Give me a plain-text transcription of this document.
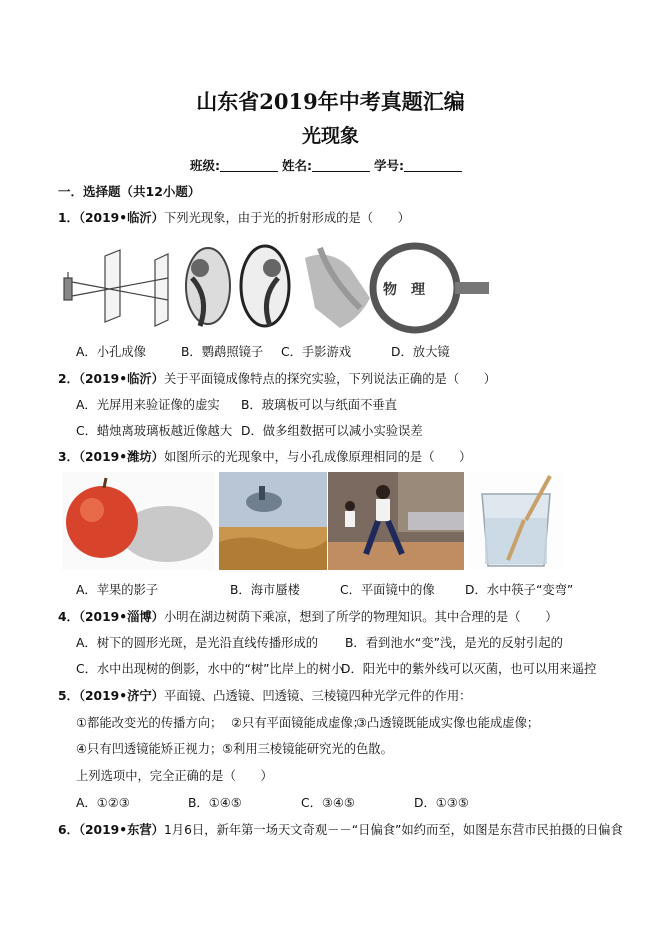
山东省2019年中考真题汇编
光现象
班级:	姓名:	学号:
一．选择题（共12小题）
1．（2019•临沂）下列光现象，由于光的折射形成的是（　　）
物　理
A．小孔成像	B．鹦鹉照镜子 C．手影游戏	D．放大镜
2．（2019•临沂）关于平面镜成像特点的探究实验，下列说法正确的是（　　）
A．光屏用来验证像的虚实 B．玻璃板可以与纸面不垂直
C．蜡烛离玻璃板越近像越大 D．做多组数据可以减小实验误差
3．（2019•潍坊）如图所示的光现象中，与小孔成像原理相同的是（　　）
A．苹果的影子	B．海市蜃楼	C．平面镜中的像 D．水中筷子“变弯”
4．（2019•淄博）小明在湖边树荫下乘凉，想到了所学的物理知识。其中合理的是（　　）
A．树下的圆形光斑，是光沿直线传播形成的 B．看到池水“变”浅，是光的反射引起的
C．水中出现树的倒影，水中的“树”比岸上的树小
D．阳光中的紫外线可以灭菌，也可以用来遥控
5．（2019•济宁）平面镜、凸透镜、凹透镜、三棱镜四种光学元件的作用：
①都能改变光的传播方向； ②只有平面镜能成虚像；
③凸透镜既能成实像也能成虚像；
④只有凹透镜能矫正视力； ⑤利用三棱镜能研究光的色散。
上列选项中，完全正确的是（　　）
A．①②③	B．①④⑤	C．③④⑤	D．①③⑤
6．（2019•东营）1月6日，新年第一场天文奇观－－“日偏食”如约而至，如图是东营市民拍摄的日偏食
